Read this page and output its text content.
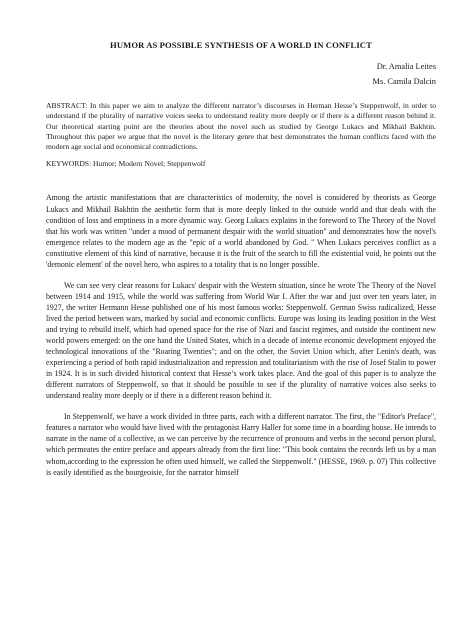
HUMOR AS POSSIBLE SYNTHESIS OF A WORLD IN CONFLICT
Dr. Amalia Leites
Ms. Camila Dalcin
ABSTRACT: In this paper we aim to analyze the different narrator’s discourses in Herman Hesse’s Steppenwolf, in order to understand if the plurality of narrative voices seeks to understand reality more deeply or if there is a different reason behind it. Our theoretical starting point are the theories about the novel such as studied by George Lukacs and Mikhail Bakhtin. Throughout this paper we argue that the novel is the literary genre that best demonstrates the human conflicts faced with the modern age social and economical contradictions.
KEYWORDS: Humor; Modern Novel; Steppenwolf

Among the artistic manifestations that are characteristics of modernity, the novel is considered by theorists as George Lukacs and Mikhail Bakhtin the aesthetic form that is more deeply linked to the outside world and that deals with the condition of loss and emptiness in a more dynamic way. Georg Lukacs explains in the foreword to The Theory of the Novel that his work was written "under a mood of permanent despair with the world situation" and demonstrates how the novel's emergence relates to the modern age as the "epic of a world abandoned by God. " When Lukacs perceives conflict as a constitutive element of this kind of narrative, because it is the fruit of the search to fill the existential void, he points out the 'demonic element' of the novel hero, who aspires to a totality that is no longer possible.

We can see very clear reasons for Lukacs' despair with the Western situation, since he wrote The Theory of the Novel between 1914 and 1915, while the world was suffering from World War I. After the war and just over ten years later, in 1927, the writer Hermann Hesse published one of his most famous works: Steppenwolf. German Swiss radicalized, Hesse lived the period between wars, marked by social and economic conflicts. Europe was losing its leading position in the West and trying to rebuild itself, which had opened space for the rise of Nazi and fascist regimes, and outside the continent new world powers emerged: on the one hand the United States, which in a decade of intense economic development enjoyed the technological innovations of the "Roaring Twenties"; and on the other, the Soviet Union which, after Lenin's death, was experiencing a period of both rapid industrialization and repression and totalitarianism with the rise of Josef Stalin to power in 1924. It is in such divided historical context that Hesse’s work takes place. And the goal of this paper is to analyze the different narrators of Steppenwolf, so that it should be possible to see if the plurality of narrative voices also seeks to understand reality more deeply or if there is a different reason behind it.

In Steppenwolf, we have a work divided in three parts, each with a different narrator. The first, the "Editor's Preface", features a narrator who would have lived with the protagonist Harry Haller for some time in a boarding house. He intends to narrate in the name of a collective, as we can perceive by the recurrence of pronouns and verbs in the second person plural, which permeates the entire preface and appears already from the first line: "This book contains the records left us by a man whom,according to the expression he often used himself, we called the Steppenwolf." (HESSE, 1969. p. 07) This collective is easily identified as the bourgeoisie, for the narrator himself
